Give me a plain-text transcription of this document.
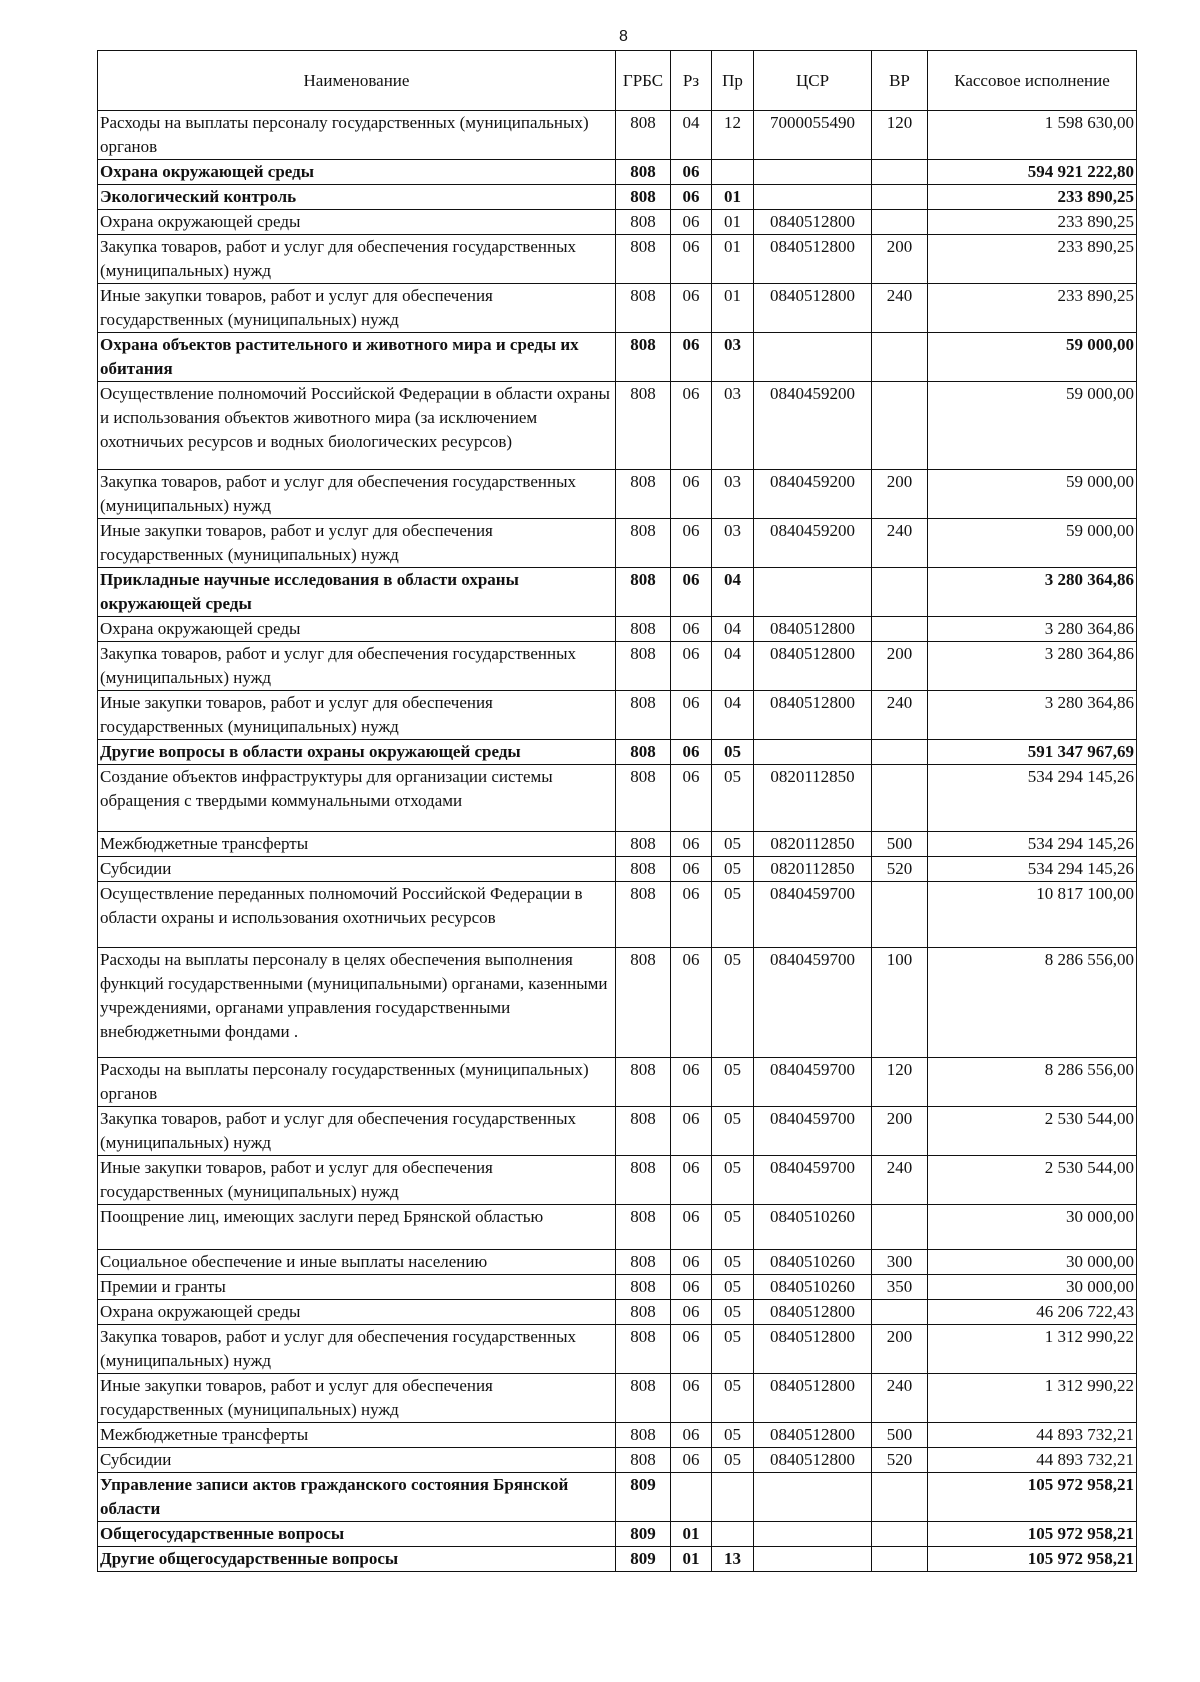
8
Наименование	ГРБС	Рз	Пр	ЦСР	ВР	Кассовое исполнение
Расходы на выплаты персоналу государственных (муниципальных) органов	808	04	12	7000055490	120	1 598 630,00
Охрана окружающей среды	808	06				594 921 222,80
Экологический контроль	808	06	01			233 890,25
Охрана окружающей среды	808	06	01	0840512800		233 890,25
Закупка товаров, работ и услуг для обеспечения государственных (муниципальных) нужд	808	06	01	0840512800	200	233 890,25
Иные закупки товаров, работ и услуг для обеспечения государственных (муниципальных) нужд	808	06	01	0840512800	240	233 890,25
Охрана объектов растительного и животного мира и среды их обитания	808	06	03			59 000,00
Осуществление полномочий Российской Федерации в области охраны и использования объектов животного мира (за исключением охотничьих ресурсов и водных биологических ресурсов)	808	06	03	0840459200		59 000,00
Закупка товаров, работ и услуг для обеспечения государственных (муниципальных) нужд	808	06	03	0840459200	200	59 000,00
Иные закупки товаров, работ и услуг для обеспечения государственных (муниципальных) нужд	808	06	03	0840459200	240	59 000,00
Прикладные научные исследования в области охраны окружающей среды	808	06	04			3 280 364,86
Охрана окружающей среды	808	06	04	0840512800		3 280 364,86
Закупка товаров, работ и услуг для обеспечения государственных (муниципальных) нужд	808	06	04	0840512800	200	3 280 364,86
Иные закупки товаров, работ и услуг для обеспечения государственных (муниципальных) нужд	808	06	04	0840512800	240	3 280 364,86
Другие вопросы в области охраны окружающей среды	808	06	05			591 347 967,69
Создание объектов инфраструктуры для организации системы обращения с твердыми коммунальными отходами	808	06	05	0820112850		534 294 145,26
Межбюджетные трансферты	808	06	05	0820112850	500	534 294 145,26
Субсидии	808	06	05	0820112850	520	534 294 145,26
Осуществление переданных полномочий Российской Федерации в области охраны и использования охотничьих ресурсов	808	06	05	0840459700		10 817 100,00
Расходы на выплаты персоналу в целях обеспечения выполнения функций государственными (муниципальными) органами, казенными учреждениями, органами управления государственными внебюджетными фондами .	808	06	05	0840459700	100	8 286 556,00
Расходы на выплаты персоналу государственных (муниципальных) органов	808	06	05	0840459700	120	8 286 556,00
Закупка товаров, работ и услуг для обеспечения государственных (муниципальных) нужд	808	06	05	0840459700	200	2 530 544,00
Иные закупки товаров, работ и услуг для обеспечения государственных (муниципальных) нужд	808	06	05	0840459700	240	2 530 544,00
Поощрение лиц, имеющих заслуги перед Брянской областью	808	06	05	0840510260		30 000,00
Социальное обеспечение и иные выплаты населению	808	06	05	0840510260	300	30 000,00
Премии и гранты	808	06	05	0840510260	350	30 000,00
Охрана окружающей среды	808	06	05	0840512800		46 206 722,43
Закупка товаров, работ и услуг для обеспечения государственных (муниципальных) нужд	808	06	05	0840512800	200	1 312 990,22
Иные закупки товаров, работ и услуг для обеспечения государственных (муниципальных) нужд	808	06	05	0840512800	240	1 312 990,22
Межбюджетные трансферты	808	06	05	0840512800	500	44 893 732,21
Субсидии	808	06	05	0840512800	520	44 893 732,21
Управление записи актов гражданского состояния Брянской области	809					105 972 958,21
Общегосударственные вопросы	809	01				105 972 958,21
Другие общегосударственные вопросы	809	01	13			105 972 958,21
